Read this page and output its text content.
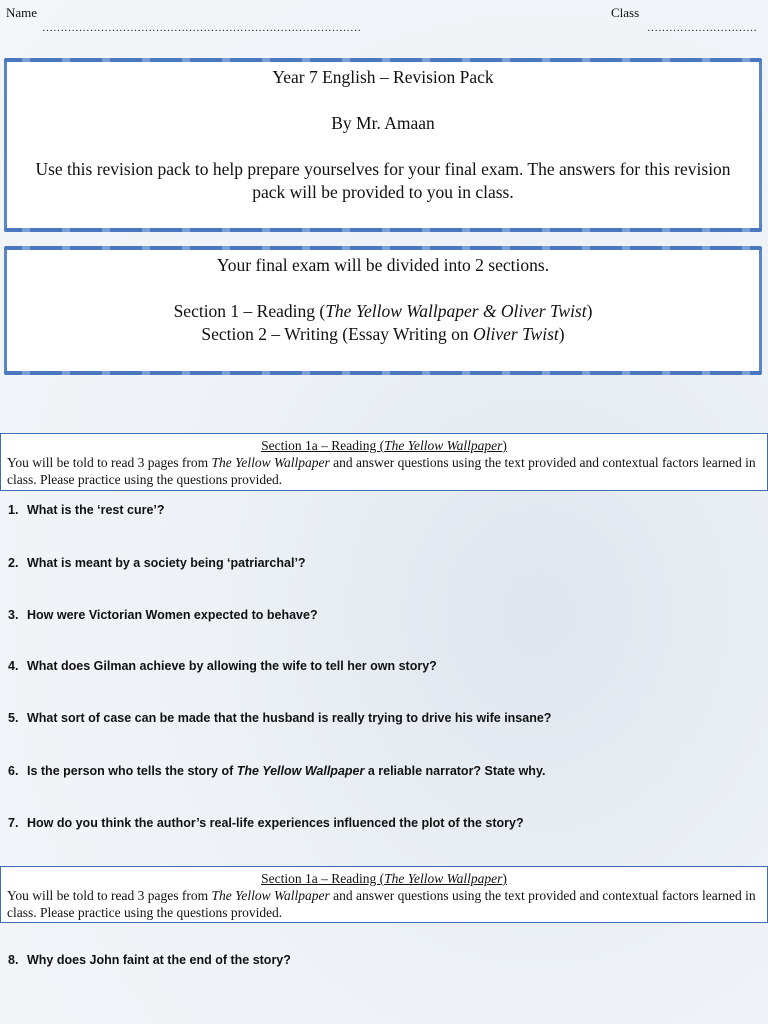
Name
……………………………………………………………………………
Class
…………………………

Year 7 English – Revision Pack

By Mr. Amaan

Use this revision pack to help prepare yourselves for your final exam. The answers for this revision pack will be provided to you in class.

Your final exam will be divided into 2 sections.

Section 1 – Reading (The Yellow Wallpaper & Oliver Twist)

Section 2 – Writing (Essay Writing on Oliver Twist)

Section 1a – Reading (The Yellow Wallpaper)
You will be told to read 3 pages from The Yellow Wallpaper and answer questions using the text provided and contextual factors learned in class. Please practice using the questions provided.
1. What is the ‘rest cure’?
2. What is meant by a society being ‘patriarchal’?
3. How were Victorian Women expected to behave?
4. What does Gilman achieve by allowing the wife to tell her own story?
5. What sort of case can be made that the husband is really trying to drive his wife insane?
6. Is the person who tells the story of The Yellow Wallpaper a reliable narrator? State why.
7. How do you think the author’s real-life experiences influenced the plot of the story?
Section 1a – Reading (The Yellow Wallpaper)
You will be told to read 3 pages from The Yellow Wallpaper and answer questions using the text provided and contextual factors learned in class. Please practice using the questions provided.
8. Why does John faint at the end of the story?
